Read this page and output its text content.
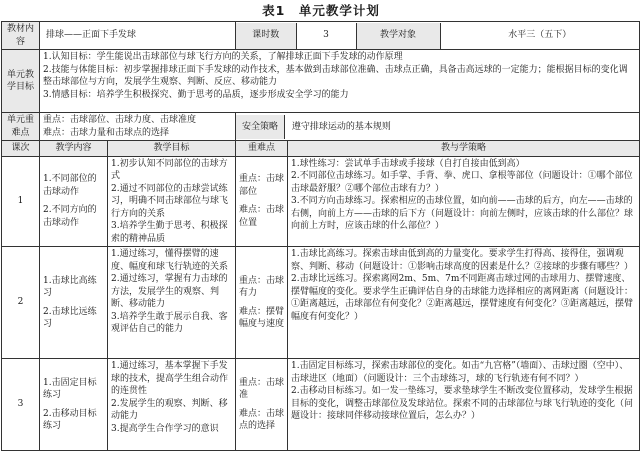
表1　单元教学计划
教材内容	排球——正面下手发球		课时数	3	教学对象	水平三（五下）

单元教学目标	
1.认知目标：学生能说出击球部位与球飞行方向的关系，了解排球正面下手发球的动作原理
2.技能与体能目标：初步掌握排球正面下手发球的动作技术，基本做到击球部位准确、击球点正确，具备击高远球的一定能力；能根据目标的变化调整击球部位与方向，发展学生观察、判断、反应、移动能力
3.情感目标：培养学生积极探究、勤于思考的品质，逐步形成安全学习的能力

单元重难点	
重点：击球部位、击球力度、击球准度
难点：击球力量和击球点的选择
	安全策略 遵守排球运动的基本规则
课次	教学内容	教学目标	重难点	教与学策略
1	
1.不同部位的击球动作
2.不同方向的击球动作

1.初步认知不同部位的击球方式
2.通过不同部位的击球尝试练习，明确不同击球部位与球飞行方向的关系
3.培养学生勤于思考、积极探索的精神品质

重点：击球部位
难点：击球位置

1.球性练习：尝试单手击球或手接球（自打自接由低到高）
2.不同部位击球练习。如手掌、手背、拳、虎口、拿根等部位（问题设计：①哪个部位击球最舒服？②哪个部位击球有力？）
3.不同方向击球练习。探索相应的击球位置，如向前——击球的后方，向左——击球的右侧，向前上方——击球的后下方（问题设计：向前左侧时，应该击球的什么部位？球向前上方时，应该击球的什么部位？）

2	
1.击球比高练习
2.击球比远练习

1.通过练习，懂得摆臂的速度、幅度和球飞行轨迹的关系
2.通过练习，掌握有力击球的方法，发展学生的观察、判断、移动能力
3.培养学生敢于展示自我、客观评估自己的能力

重点：击球有力
难点：摆臂幅度与速度

1.击球比高练习。探索击球由低到高的力量变化。要求学生打得高、接得住，强调观察、判断、移动（问题设计：①影响击球高度的因素是什么？②接球的步骤有哪些？）
2.击球比远练习。探索离网2m、5m、7m不同距离击球过网的击球用力、摆臂速度、摆臂幅度的变化。要求学生正确评估自身的击球能力选择相应的离网距离（问题设计：①距离越远，击球部位有何变化？②距离越远，摆臂速度有何变化？③距离越远，摆臂幅度有何变化？）

3	
1.击固定目标练习
2.击移动目标练习

1.通过练习，基本掌握下手发球的技术，提高学生组合动作的连贯性
2.发展学生的观察、判断、移动能力
3.提高学生合作学习的意识

重点：击球准
难点：击球点的选择

1.击固定目标练习，探索击球部位的变化。如击“九宫格”（墙面）、击球过圈（空中）、击球进区（地面）（问题设计：三个击球练习，球的飞行轨迹有何不同？）
2.击移动目标练习。如一发一垫练习，要求垫球学生不断改变位置移动，发球学生根据目标的变化，调整击球部位及发球站位。探索不同的击球部位与球飞行轨迹的变化（问题设计：接球同伴移动接球位置后，怎么办？）
